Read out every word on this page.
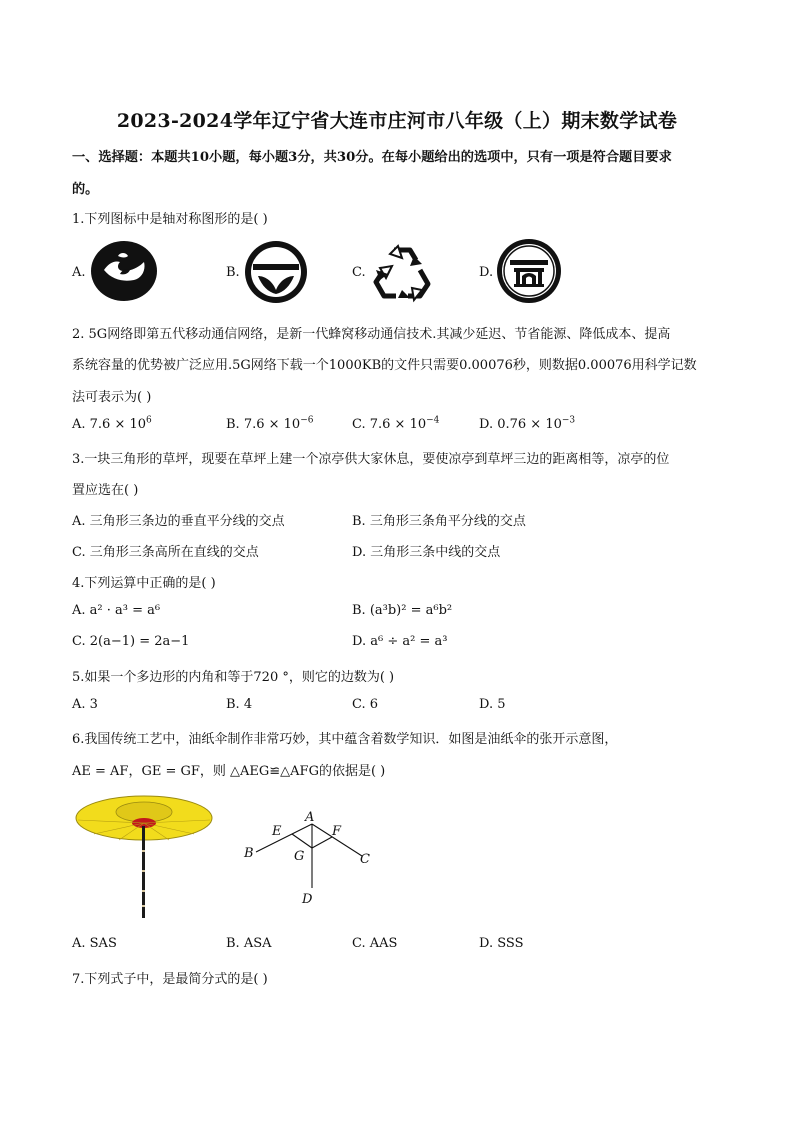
2023-2024学年辽宁省大连市庄河市八年级（上）期末数学试卷
一、选择题：本题共10小题，每小题3分，共30分。在每小题给出的选项中，只有一项是符合题目要求
的。
1.下列图标中是轴对称图形的是( )
A.	B.	C.	D.
2. 5G网络即第五代移动通信网络，是新一代蜂窝移动通信技术.其减少延迟、节省能源、降低成本、提高
系统容量的优势被广泛应用.5G网络下载一个1000KB的文件只需要0.00076秒，则数据0.00076用科学记数
法可表示为( )
A. $7.6 \times 10^6$	B. $7.6 \times 10^{-6}$	C. $7.6 \times 10^{-4}$	D. $0.76 \times 10^{-3}$
3.一块三角形的草坪，现要在草坪上建一个凉亭供大家休息，要使凉亭到草坪三边的距离相等，凉亭的位
置应选在( )
A. 三角形三条边的垂直平分线的交点	B. 三角形三条角平分线的交点
C. 三角形三条高所在直线的交点	D. 三角形三条中线的交点
4.下列运算中正确的是( )
A. a² · a³ = a⁶	B. (a³b)² = a⁶b²
C. 2(a−1) = 2a−1	D. a⁶ ÷ a² = a³
5.如果一个多边形的内角和等于720 °，则它的边数为( )
A. 3	B. 4	C. 6	D. 5
6.我国传统工艺中，油纸伞制作非常巧妙，其中蕴含着数学知识．如图是油纸伞的张开示意图，
AE = AF，GE = GF，则 △AEG≌△AFG的依据是( )
A
B	C
D
E	F
G
A. SAS	B. ASA	C. AAS	D. SSS
7.下列式子中，是最简分式的是( )
